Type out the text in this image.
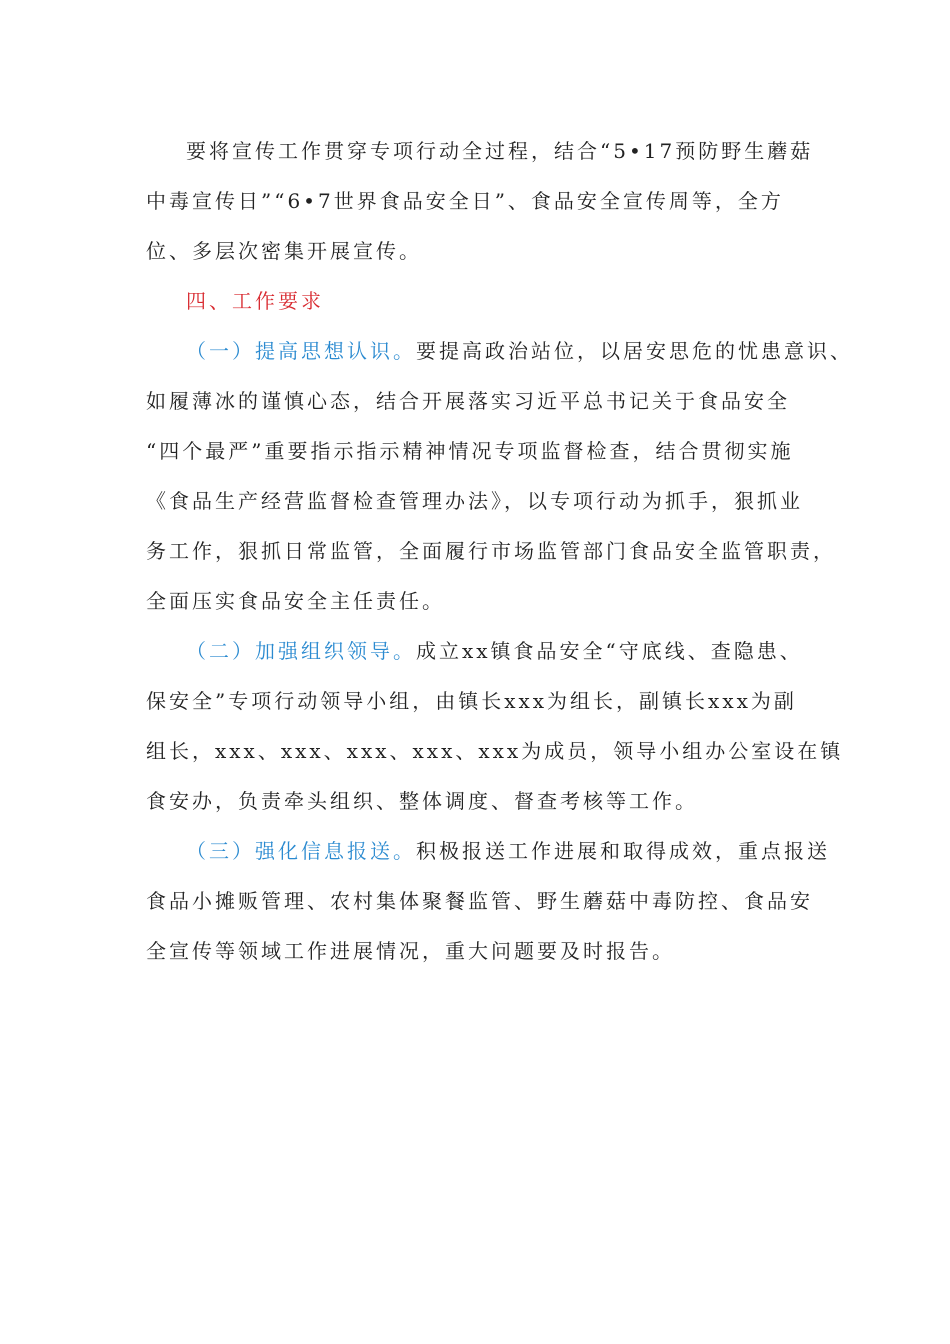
要将宣传工作贯穿专项行动全过程，结合“5•17预防野生蘑菇
中毒宣传日”“6•7世界食品安全日”、食品安全宣传周等，全方
位、多层次密集开展宣传。
四、工作要求
（一）提高思想认识。要提高政治站位，以居安思危的忧患意识、
如履薄冰的谨慎心态，结合开展落实习近平总书记关于食品安全
“四个最严”重要指示指示精神情况专项监督检查，结合贯彻实施
《食品生产经营监督检查管理办法》，以专项行动为抓手，狠抓业
务工作，狠抓日常监管，全面履行市场监管部门食品安全监管职责，
全面压实食品安全主任责任。
（二）加强组织领导。成立xx镇食品安全“守底线、查隐患、
保安全”专项行动领导小组，由镇长xxx为组长，副镇长xxx为副
组长，xxx、xxx、xxx、xxx、xxx为成员，领导小组办公室设在镇
食安办，负责牵头组织、整体调度、督查考核等工作。
（三）强化信息报送。积极报送工作进展和取得成效，重点报送
食品小摊贩管理、农村集体聚餐监管、野生蘑菇中毒防控、食品安
全宣传等领域工作进展情况，重大问题要及时报告。
